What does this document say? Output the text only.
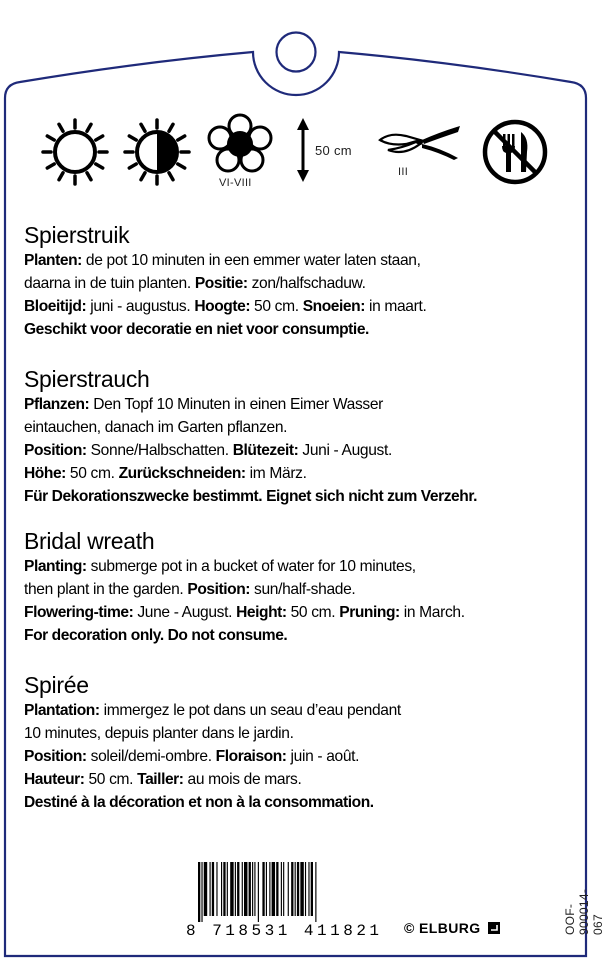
VI-VIII
50 cm
III
Spierstruik
Planten: de pot 10 minuten in een emmer water laten staan,
daarna in de tuin planten. Positie: zon/halfschaduw.
Bloeitijd: juni - augustus. Hoogte: 50 cm. Snoeien: in maart.
Geschikt voor decoratie en niet voor consumptie.
Spierstrauch
Pflanzen: Den Topf 10 Minuten in einen Eimer Wasser
eintauchen, danach im Garten pflanzen.
Position: Sonne/Halbschatten. Blütezeit: Juni - August.
Höhe: 50 cm. Zurückschneiden: im März.
Für Dekorationszwecke bestimmt. Eignet sich nicht zum Verzehr.
Bridal wreath
Planting: submerge pot in a bucket of water for 10 minutes,
then plant in the garden. Position: sun/half-shade.
Flowering-time: June - August. Height: 50 cm. Pruning: in March.
For decoration only. Do not consume.
Spirée
Plantation: immergez le pot dans un seau d’eau pendant
10 minutes, depuis planter dans le jardin.
Position: soleil/demi-ombre. Floraison: juin - août.
Hauteur: 50 cm. Tailler: au mois de mars.
Destiné à la décoration et non à la consommation.
8 718531 411821 © ELBURG	OOF-900014-067
